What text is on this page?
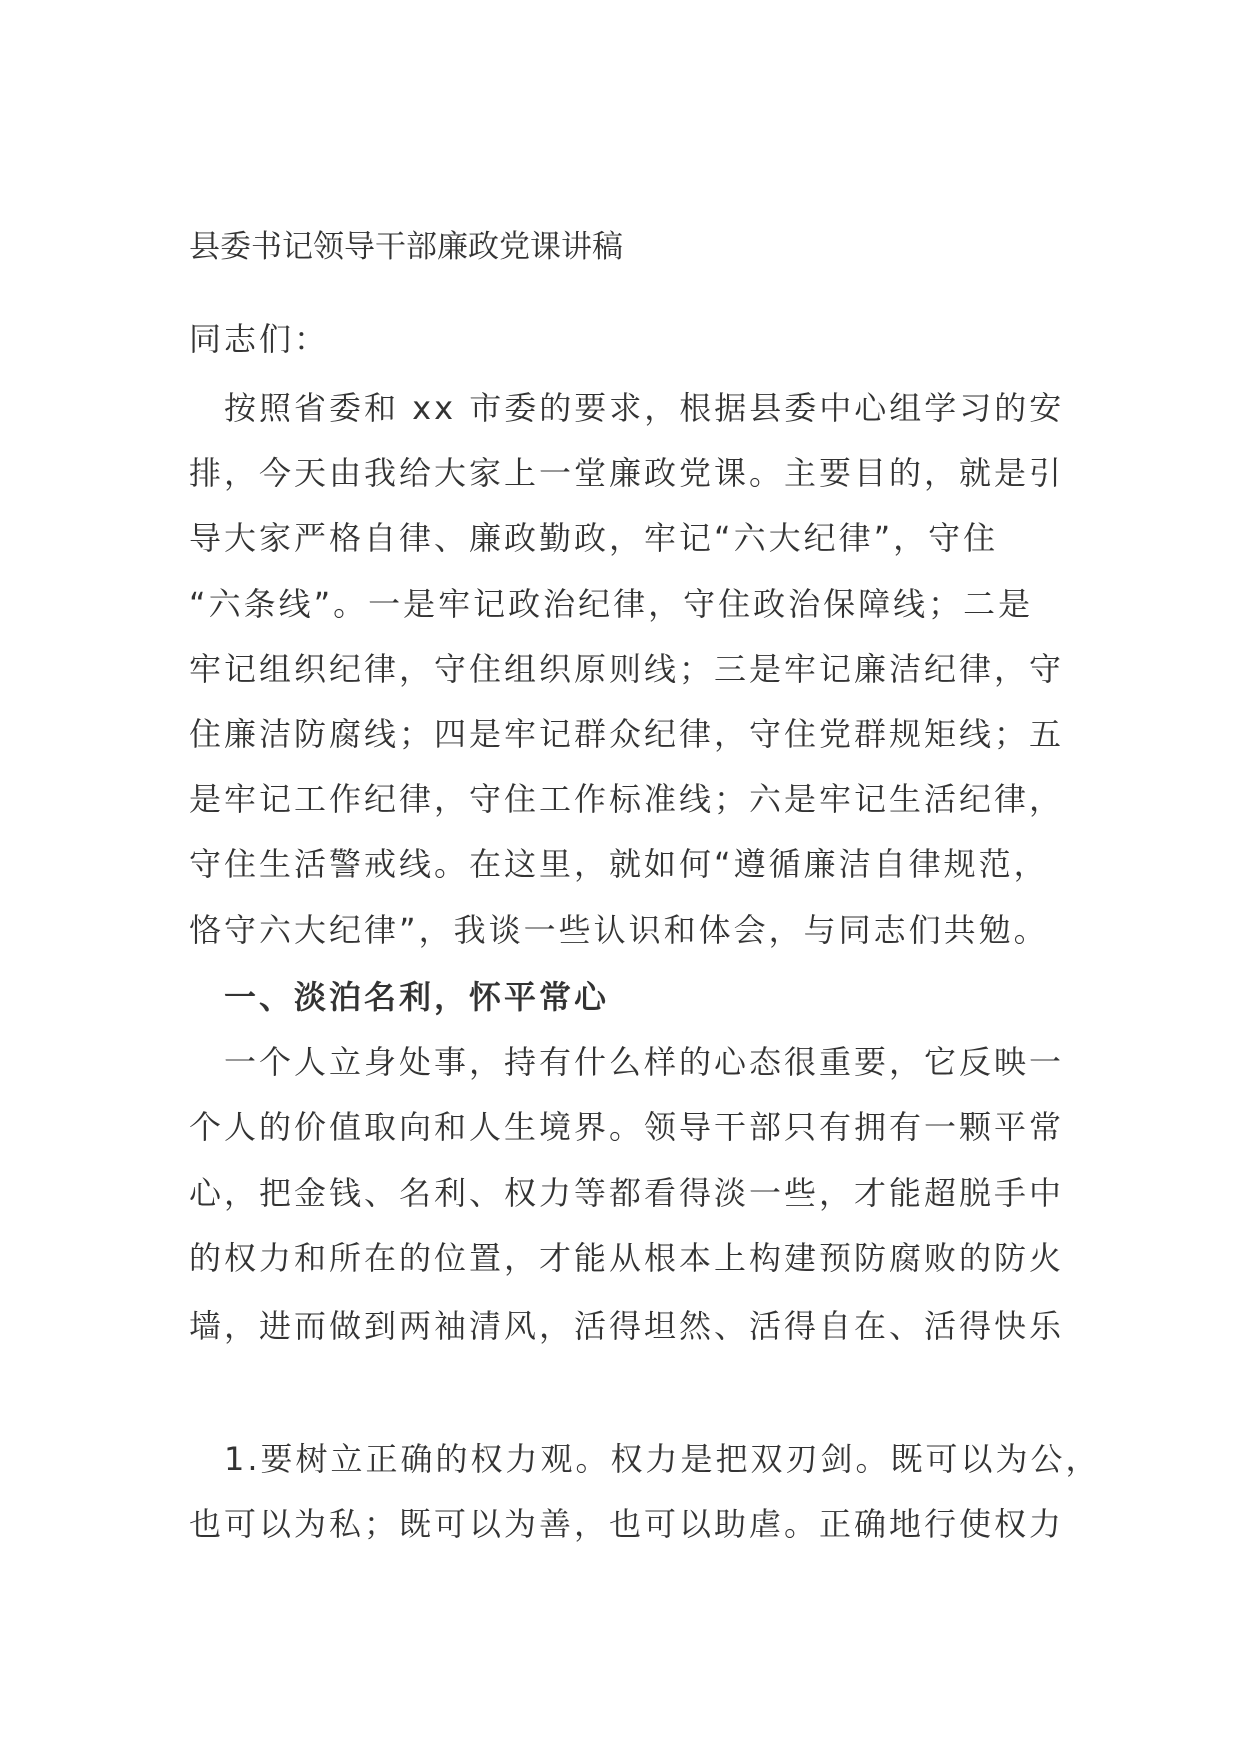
县委书记领导干部廉政党课讲稿
同志们：
　按照省委和 xx 市委的要求，根据县委中心组学习的安
排，今天由我给大家上一堂廉政党课。主要目的，就是引
导大家严格自律、廉政勤政，牢记“六大纪律”，守住
“六条线”。一是牢记政治纪律，守住政治保障线；二是
牢记组织纪律，守住组织原则线；三是牢记廉洁纪律，守
住廉洁防腐线；四是牢记群众纪律，守住党群规矩线；五
是牢记工作纪律，守住工作标准线；六是牢记生活纪律，
守住生活警戒线。在这里，就如何“遵循廉洁自律规范，
恪守六大纪律”，我谈一些认识和体会，与同志们共勉。
　一、淡泊名利，怀平常心
　一个人立身处事，持有什么样的心态很重要，它反映一
个人的价值取向和人生境界。领导干部只有拥有一颗平常
心，把金钱、名利、权力等都看得淡一些，才能超脱手中
的权力和所在的位置，才能从根本上构建预防腐败的防火
墙，进而做到两袖清风，活得坦然、活得自在、活得快乐
　1.要树立正确的权力观。权力是把双刃剑。既可以为公，
也可以为私；既可以为善，也可以助虐。正确地行使权力
